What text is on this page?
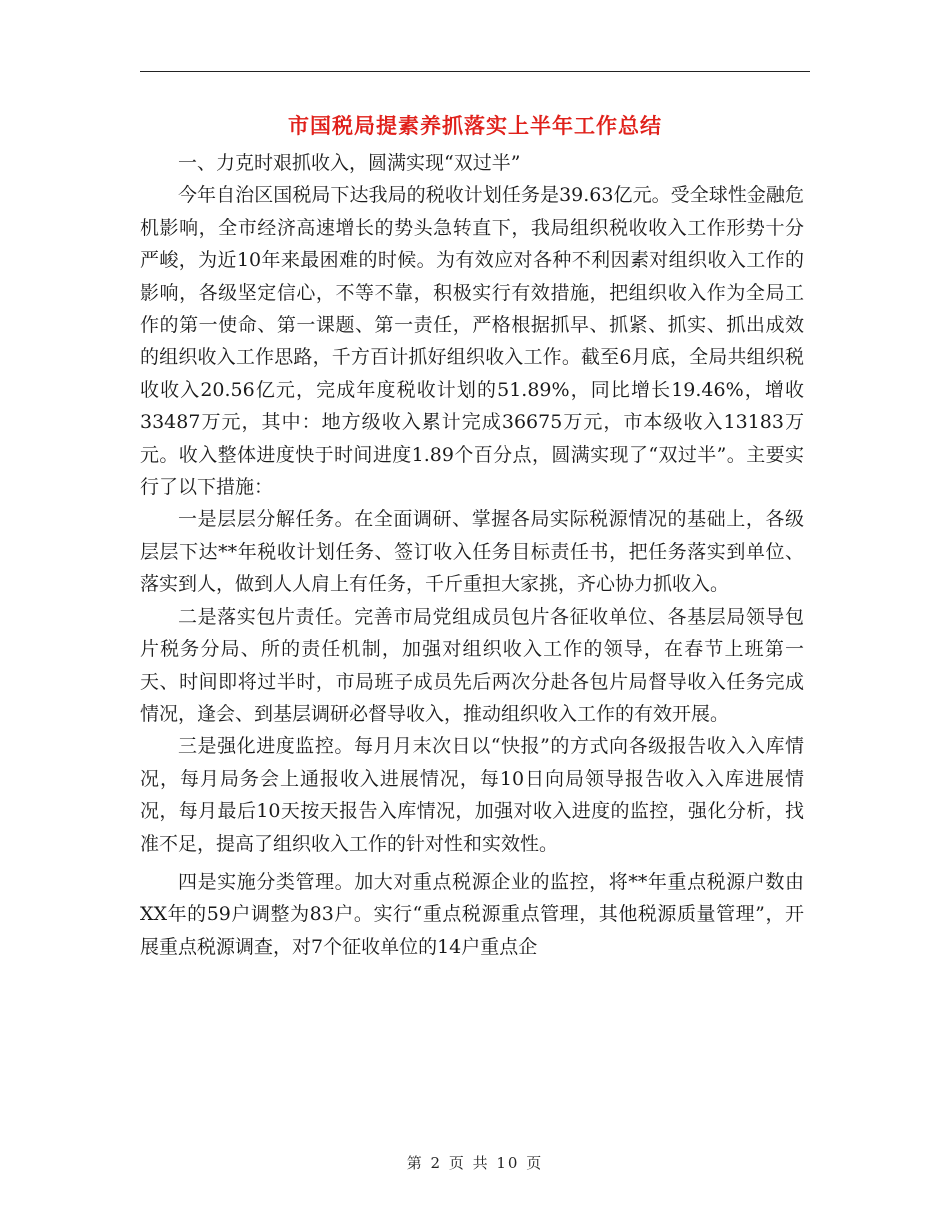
市国税局提素养抓落实上半年工作总结

一、力克时艰抓收入，圆满实现“双过半”

今年自治区国税局下达我局的税收计划任务是39.63亿元。受全球性金融危机影响，全市经济高速增长的势头急转直下，我局组织税收收入工作形势十分严峻，为近10年来最困难的时候。为有效应对各种不利因素对组织收入工作的影响，各级坚定信心，不等不靠，积极实行有效措施，把组织收入作为全局工作的第一使命、第一课题、第一责任，严格根据抓早、抓紧、抓实、抓出成效的组织收入工作思路，千方百计抓好组织收入工作。截至6月底，全局共组织税收收入20.56亿元，完成年度税收计划的51.89%，同比增长19.46%，增收33487万元，其中：地方级收入累计完成36675万元，市本级收入13183万元。收入整体进度快于时间进度1.89个百分点，圆满实现了“双过半”。主要实行了以下措施：

一是层层分解任务。在全面调研、掌握各局实际税源情况的基础上，各级层层下达**年税收计划任务、签订收入任务目标责任书，把任务落实到单位、落实到人，做到人人肩上有任务，千斤重担大家挑，齐心协力抓收入。

二是落实包片责任。完善市局党组成员包片各征收单位、各基层局领导包片税务分局、所的责任机制，加强对组织收入工作的领导，在春节上班第一天、时间即将过半时，市局班子成员先后两次分赴各包片局督导收入任务完成情况，逢会、到基层调研必督导收入，推动组织收入工作的有效开展。

三是强化进度监控。每月月末次日以“快报”的方式向各级报告收入入库情况，每月局务会上通报收入进展情况，每10日向局领导报告收入入库进展情况，每月最后10天按天报告入库情况，加强对收入进度的监控，强化分析，找准不足，提高了组织收入工作的针对性和实效性。

四是实施分类管理。加大对重点税源企业的监控，将**年重点税源户数由XX年的59户调整为83户。实行“重点税源重点管理，其他税源质量管理”，开展重点税源调查，对7个征收单位的14户重点企

第 2 页 共 10 页
